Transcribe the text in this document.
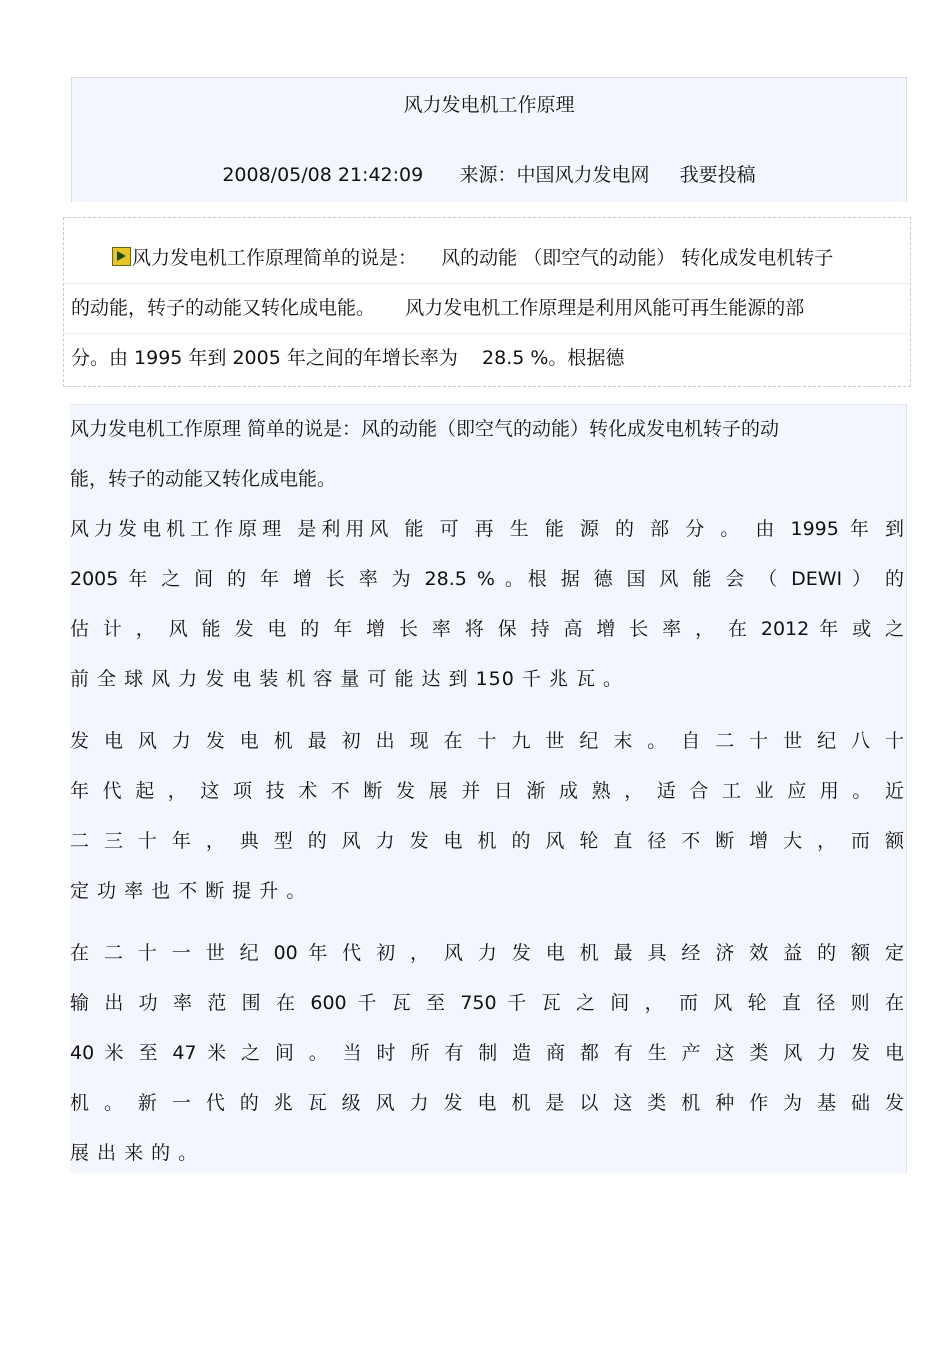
风力发电机工作原理
2008/05/08 21:42:09 来源：中国风力发电网 我要投稿
风力发电机工作原理简单的说是：    风的动能 （即空气的动能） 转化成发电机转子
的动能，转子的动能又转化成电能。     风力发电机工作原理是利用风能可再生能源的部
分。由 1995 年到 2005 年之间的年增长率为    28.5 %。根据德
风力发电机工作原理 简单的说是：风的动能（即空气的动能）转化成发电机转子的动
能，转子的动能又转化成电能。
风力发电机工作原理 是利用风 能 可 再 生 能 源 的 部 分 。 由 1995 年 到
2005 年 之 间 的 年 增 长 率 为 28.5 % 。根 据 德 国 风 能 会 （ DEWI ） 的
估 计 ， 风 能 发 电 的 年 增 长 率 将 保 持 高 增 长 率 ， 在 2012 年 或 之
前 全 球 风 力 发 电 装 机 容 量 可 能 达 到 150 千 兆 瓦 。
发 电 风 力 发 电 机 最 初 出 现 在 十 九 世 纪 末 。 自 二 十 世 纪 八 十
年 代 起 ， 这 项 技 术 不 断 发 展 并 日 渐 成 熟 ， 适 合 工 业 应 用 。 近
二 三 十 年 ， 典 型 的 风 力 发 电 机 的 风 轮 直 径 不 断 增 大 ， 而 额
定 功 率 也 不 断 提 升 。
在 二 十 一 世 纪 00 年 代 初 ， 风 力 发 电 机 最 具 经 济 效 益 的 额 定
输 出 功 率 范 围 在 600 千 瓦 至 750 千 瓦 之 间 ， 而 风 轮 直 径 则 在
40 米 至 47 米 之 间 。 当 时 所 有 制 造 商 都 有 生 产 这 类 风 力 发 电
机 。 新 一 代 的 兆 瓦 级 风 力 发 电 机 是 以 这 类 机 种 作 为 基 础 发
展 出 来 的 。
